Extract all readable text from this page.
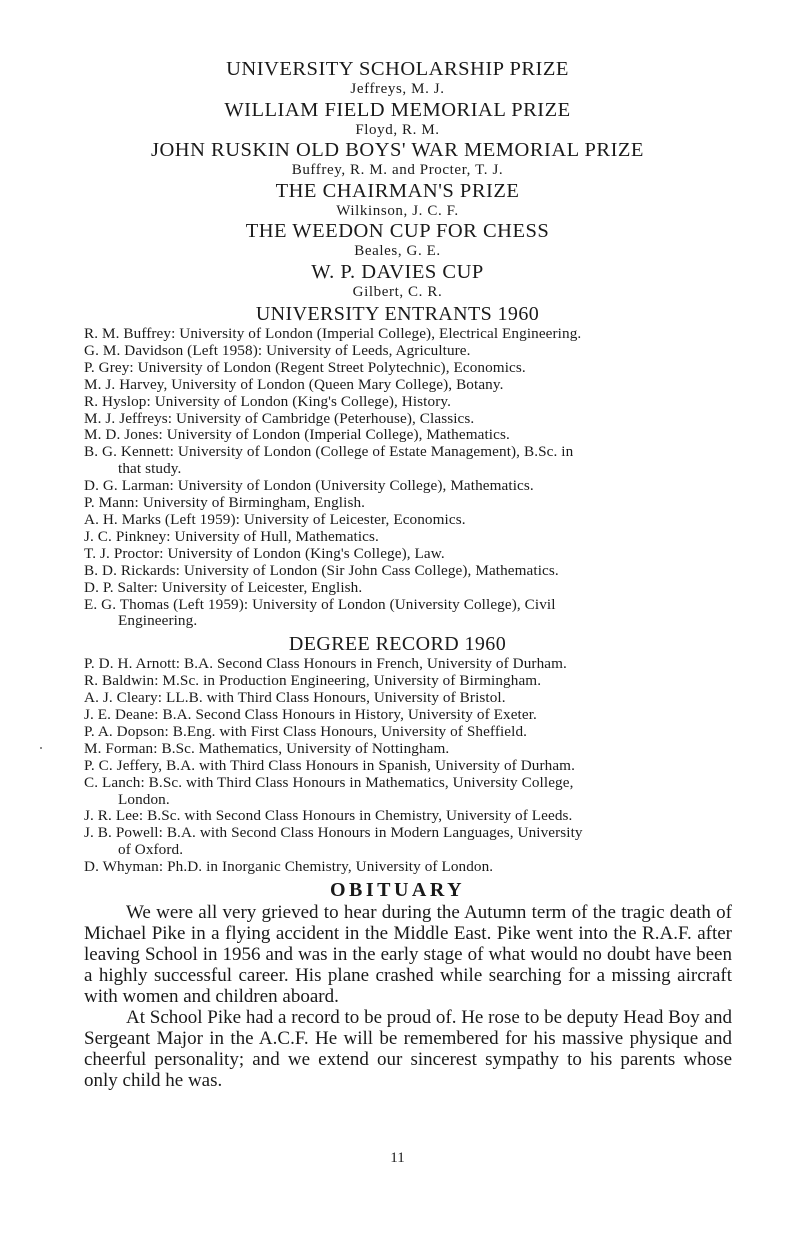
UNIVERSITY SCHOLARSHIP PRIZE

Jeffreys, M. J.

WILLIAM FIELD MEMORIAL PRIZE

Floyd, R. M.

JOHN RUSKIN OLD BOYS' WAR MEMORIAL PRIZE

Buffrey, R. M. and Procter, T. J.

THE CHAIRMAN'S PRIZE

Wilkinson, J. C. F.

THE WEEDON CUP FOR CHESS

Beales, G. E.

W. P. DAVIES CUP

Gilbert, C. R.

UNIVERSITY ENTRANTS 1960

R. M. Buffrey: University of London (Imperial College), Electrical Engineering.
G. M. Davidson (Left 1958): University of Leeds, Agriculture.
P. Grey: University of London (Regent Street Polytechnic), Economics.
M. J. Harvey, University of London (Queen Mary College), Botany.
R. Hyslop: University of London (King's College), History.
M. J. Jeffreys: University of Cambridge (Peterhouse), Classics.
M. D. Jones: University of London (Imperial College), Mathematics.
B. G. Kennett: University of London (College of Estate Management), B.Sc. in
that study.
D. G. Larman: University of London (University College), Mathematics.
P. Mann: University of Birmingham, English.
A. H. Marks (Left 1959): University of Leicester, Economics.
J. C. Pinkney: University of Hull, Mathematics.
T. J. Proctor: University of London (King's College), Law.
B. D. Rickards: University of London (Sir John Cass College), Mathematics.
D. P. Salter: University of Leicester, English.
E. G. Thomas (Left 1959): University of London (University College), Civil
Engineering.

DEGREE RECORD 1960

P. D. H. Arnott: B.A. Second Class Honours in French, University of Durham.
R. Baldwin: M.Sc. in Production Engineering, University of Birmingham.
A. J. Cleary: LL.B. with Third Class Honours, University of Bristol.
J. E. Deane: B.A. Second Class Honours in History, University of Exeter.
P. A. Dopson: B.Eng. with First Class Honours, University of Sheffield.
M. Forman: B.Sc. Mathematics, University of Nottingham.
P. C. Jeffery, B.A. with Third Class Honours in Spanish, University of Durham.
C. Lanch: B.Sc. with Third Class Honours in Mathematics, University College,
London.
J. R. Lee: B.Sc. with Second Class Honours in Chemistry, University of Leeds.
J. B. Powell: B.A. with Second Class Honours in Modern Languages, University
of Oxford.
D. Whyman: Ph.D. in Inorganic Chemistry, University of London.

OBITUARY

We were all very grieved to hear during the Autumn term of the tragic death of Michael Pike in a flying accident in the Middle East. Pike went into the R.A.F. after leaving School in 1956 and was in the early stage of what would no doubt have been a highly successful career. His plane crashed while searching for a missing aircraft with women and children aboard.

At School Pike had a record to be proud of. He rose to be deputy Head Boy and Sergeant Major in the A.C.F. He will be remembered for his massive physique and cheerful personality; and we extend our sincerest sympathy to his parents whose only child he was.

11
